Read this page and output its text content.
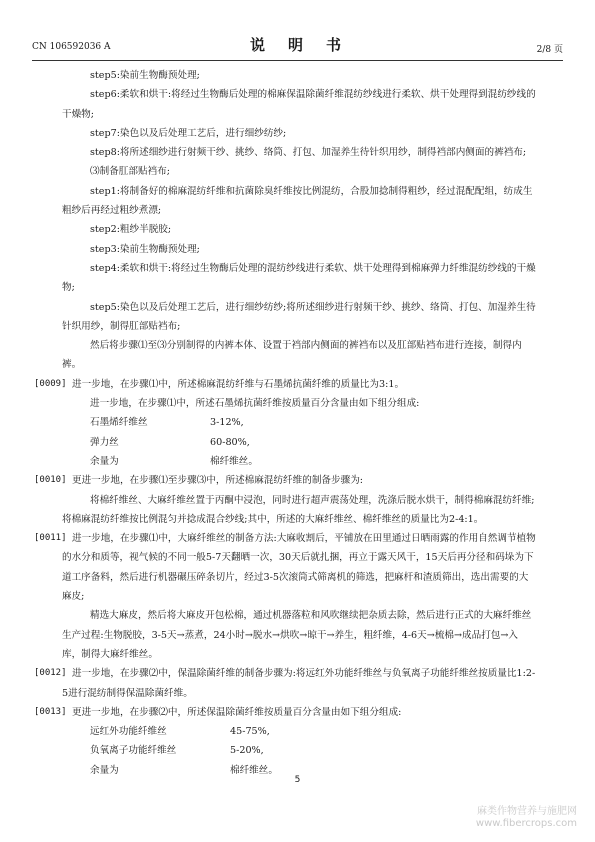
CN 106592036 A	说　明　书	2/8 页

step5:染前生物酶预处理;

step6:柔软和烘干:将经过生物酶后处理的棉麻保温除菌纤维混纺纱线进行柔软、烘干处理得到混纺纱线的干燥物;

step7:染色以及后处理工艺后，进行细纱纺纱;

step8:将所述细纱进行射频干纱、挑纱、络筒、打包、加湿养生待针织用纱，制得裆部内侧面的裤裆布;

⑶制备肛部贴裆布;

step1:将制备好的棉麻混纺纤维和抗菌除臭纤维按比例混纺，合股加捻制得粗纱，经过混配配组，纺成生粗纱后再经过粗纱煮漂;

step2:粗纱半脱胶;

step3:染前生物酶预处理;

step4:柔软和烘干:将经过生物酶后处理的混纺纱线进行柔软、烘干处理得到棉麻弹力纤维混纺纱线的干燥物;

step5:染色以及后处理工艺后，进行细纱纺纱;将所述细纱进行射频干纱、挑纱、络筒、打包、加湿养生待针织用纱，制得肛部贴裆布;

然后将步骤⑴至⑶分别制得的内裤本体、设置于裆部内侧面的裤裆布以及肛部贴裆布进行连接，制得内裤。

[0009] 进一步地，在步骤⑴中，所述棉麻混纺纤维与石墨烯抗菌纤维的质量比为3:1。

进一步地，在步骤⑴中，所述石墨烯抗菌纤维按质量百分含量由如下组分组成:

石墨烯纤维丝	3-12%,
弹力丝	60-80%,
余量为	棉纤维丝。
[0010] 更进一步地，在步骤⑴至步骤⑶中，所述棉麻混纺纤维的制备步骤为:

将棉纤维丝、大麻纤维丝置于丙酮中浸泡，同时进行超声震荡处理，洗涤后脱水烘干，制得棉麻混纺纤维;将棉麻混纺纤维按比例混匀并捻成混合纱线;其中，所述的大麻纤维丝、棉纤维丝的质量比为2-4:1。

[0011] 进一步地，在步骤⑴中，大麻纤维丝的制备方法:大麻收割后，平铺放在田里通过日晒雨露的作用自然调节植物的水分和质等，视气候的不同一般5-7天翻晒一次，30天后就扎捆，再立于露天风干，15天后再分径和码垛为下道工序备料，然后进行机器碾压碎条切片，经过3-5次滚筒式筛离机的筛选，把麻杆和渣质筛出，选出需要的大麻皮;

精选大麻皮，然后将大麻皮开包松棉，通过机器落粒和风吹继续把杂质去除，然后进行正式的大麻纤维丝生产过程:生物脱胶，3-5天→蒸煮，24小时→脱水→烘吹→晾干→养生，粗纤维，4-6天→梳棉→成品打包→入库，制得大麻纤维丝。

[0012] 进一步地，在步骤⑵中，保温除菌纤维的制备步骤为:将远红外功能纤维丝与负氧离子功能纤维丝按质量比1:2-5进行混纺制得保温除菌纤维。
[0013] 更进一步地，在步骤⑵中，所述保温除菌纤维按质量百分含量由如下组分组成:
远红外功能纤维丝	45-75%,
负氧离子功能纤维丝	5-20%,
余量为	棉纤维丝。
5
麻类作物营养与施肥网
www.fibercrops.com
